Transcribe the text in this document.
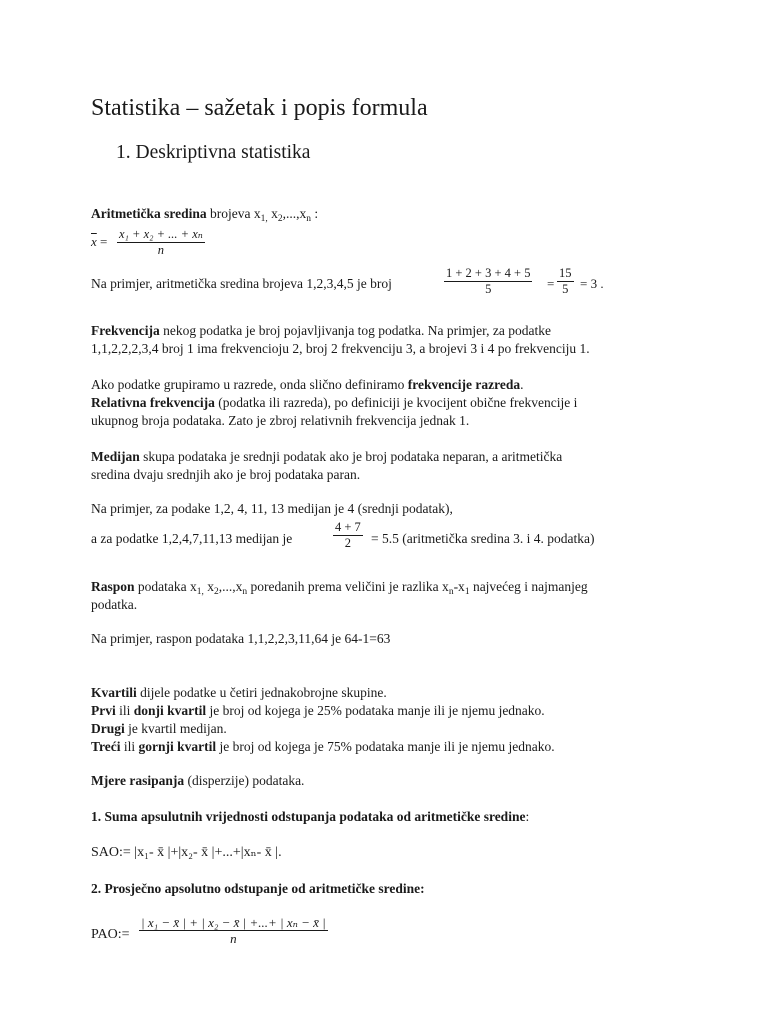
Statistika – sažetak i popis formula
1. Deskriptivna statistika
Aritmetička sredina brojeva $x_{1,}$ $x_2,...,x_n$ :
$\overline{x} = \frac{\text{x₁ + x₂ + ... + xₙ}}{n}$
Na primjer, aritmetička sredina brojeva 1,2,3,4,5 je broj	$\frac{1 + 2 + 3 + 4 + 5}{5} = \frac{15}{5} = 3$ .
Frekvencija nekog podatka je broj pojavljivanja tog podatka. Na primjer, za podatke
1,1,2,2,2,3,4 broj 1 ima frekvencioju 2, broj 2 frekvenciju 3, a brojevi 3 i 4 po frekvenciju 1.
Ako podatke grupiramo u razrede, onda slično definiramo frekvencije razreda.
Relativna frekvencija (podatka ili razreda), po definiciji je kvocijent obične frekvencije i
ukupnog broja podataka. Zato je zbroj relativnih frekvencija jednak 1.
Medijan skupa podataka je srednji podatak ako je broj podataka neparan, a aritmetička
sredina dvaju srednjih ako je broj podataka paran.
Na primjer, za podake 1,2, 4, 11, 13 medijan je 4 (srednji podatak),
a za podatke 1,2,4,7,11,13 medijan je	$\frac{4 + 7}{2} = 5.5$ (aritmetička sredina 3. i 4. podatka)
Raspon podataka $x_{1,}$ $x_2,...,x_n$ poredanih prema veličini je razlika $x_n-x_1$ najvećeg i najmanjeg
podatka.
Na primjer, raspon podataka 1,1,2,2,3,11,64 je 64-1=63
Kvartili dijele podatke u četiri jednakobrojne skupine.
Prvi ili donji kvartil je broj od kojega je 25% podataka manje ili je njemu jednako.
Drugi je kvartil medijan.
Treći ili gornji kvartil je broj od kojega je 75% podataka manje ili je njemu jednako.
Mjere rasipanja (disperzije) podataka.
1. Suma apsulutnih vrijednosti odstupanja podataka od aritmetičke sredine:
SAO:= |x₁- x̄ |+|x₂- x̄ |+...+|xₙ- x̄ |.
2. Prosječno apsolutno odstupanje od aritmetičke sredine:
PAO:= $\frac{\text{| x₁ − x̄ | + | x₂ − x̄ | +...+ | xₙ − x̄ |}}{n}$
